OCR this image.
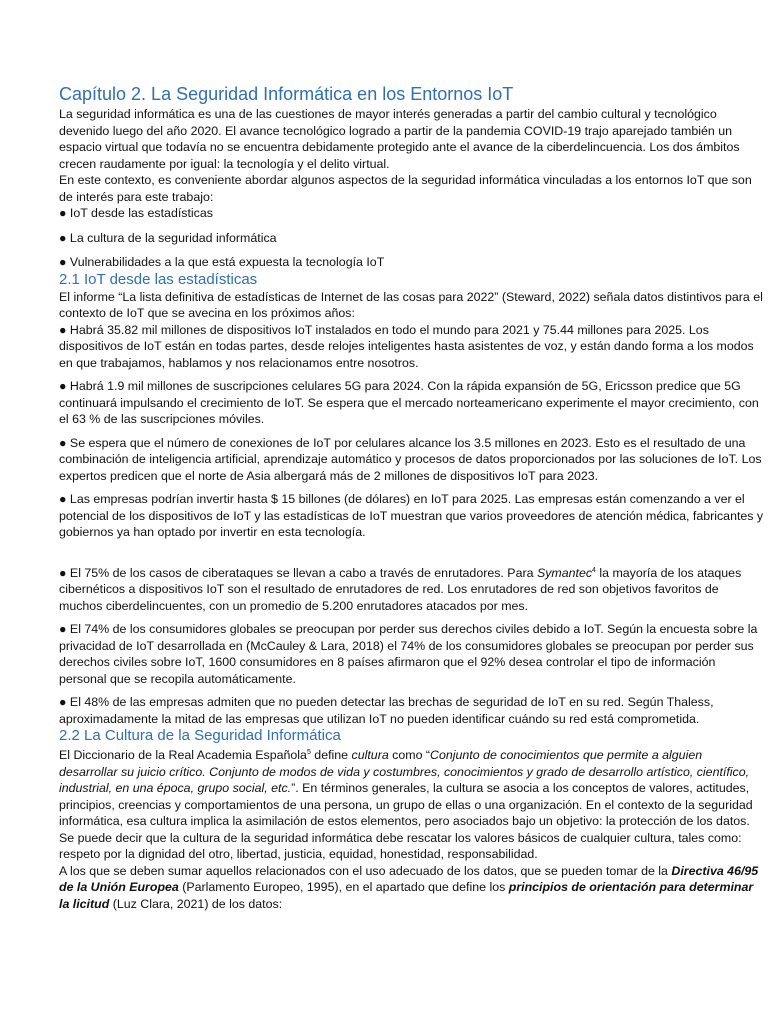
Capítulo 2. La Seguridad Informática en los Entornos IoT

La seguridad informática es una de las cuestiones de mayor interés generadas a partir del cambio cultural y tecnológico devenido luego del año 2020. El avance tecnológico logrado a partir de la pandemia COVID-19 trajo aparejado también un espacio virtual que todavía no se encuentra debidamente protegido ante el avance de la ciberdelincuencia. Los dos ámbitos crecen raudamente por igual: la tecnología y el delito virtual.

En este contexto, es conveniente abordar algunos aspectos de la seguridad informática vinculadas a los entornos IoT que son de interés para este trabajo:

● IoT desde las estadísticas

● La cultura de la seguridad informática

● Vulnerabilidades a la que está expuesta la tecnología IoT

2.1 IoT desde las estadísticas

El informe “La lista definitiva de estadísticas de Internet de las cosas para 2022” (Steward, 2022) señala datos distintivos para el contexto de IoT que se avecina en los próximos años:

● Habrá 35.82 mil millones de dispositivos IoT instalados en todo el mundo para 2021 y 75.44 millones para 2025. Los dispositivos de IoT están en todas partes, desde relojes inteligentes hasta asistentes de voz, y están dando forma a los modos en que trabajamos, hablamos y nos relacionamos entre nosotros.

● Habrá 1.9 mil millones de suscripciones celulares 5G para 2024. Con la rápida expansión de 5G, Ericsson predice que 5G continuará impulsando el crecimiento de IoT. Se espera que el mercado norteamericano experimente el mayor crecimiento, con el 63 % de las suscripciones móviles.

● Se espera que el número de conexiones de IoT por celulares alcance los 3.5 millones en 2023. Esto es el resultado de una combinación de inteligencia artificial, aprendizaje automático y procesos de datos proporcionados por las soluciones de IoT. Los expertos predicen que el norte de Asia albergará más de 2 millones de dispositivos IoT para 2023.

● Las empresas podrían invertir hasta $ 15 billones (de dólares) en IoT para 2025. Las empresas están comenzando a ver el potencial de los dispositivos de IoT y las estadísticas de IoT muestran que varios proveedores de atención médica, fabricantes y gobiernos ya han optado por invertir en esta tecnología.

● El 75% de los casos de ciberataques se llevan a cabo a través de enrutadores. Para Symantec$^4$ la mayoría de los ataques cibernéticos a dispositivos IoT son el resultado de enrutadores de red. Los enrutadores de red son objetivos favoritos de muchos ciberdelincuentes, con un promedio de 5.200 enrutadores atacados por mes.

● El 74% de los consumidores globales se preocupan por perder sus derechos civiles debido a IoT. Según la encuesta sobre la privacidad de IoT desarrollada en (McCauley & Lara, 2018) el 74% de los consumidores globales se preocupan por perder sus derechos civiles sobre IoT, 1600 consumidores en 8 países afirmaron que el 92% desea controlar el tipo de información personal que se recopila automáticamente.

● El 48% de las empresas admiten que no pueden detectar las brechas de seguridad de IoT en su red. Según Thaless, aproximadamente la mitad de las empresas que utilizan IoT no pueden identificar cuándo su red está comprometida.

2.2 La Cultura de la Seguridad Informática

El Diccionario de la Real Academia Española$^5$ define cultura como “Conjunto de conocimientos que permite a alguien desarrollar su juicio crítico. Conjunto de modos de vida y costumbres, conocimientos y grado de desarrollo artístico, científico, industrial, en una época, grupo social, etc.”. En términos generales, la cultura se asocia a los conceptos de valores, actitudes, principios, creencias y comportamientos de una persona, un grupo de ellas o una organización. En el contexto de la seguridad informática, esa cultura implica la asimilación de estos elementos, pero asociados bajo un objetivo: la protección de los datos.

Se puede decir que la cultura de la seguridad informática debe rescatar los valores básicos de cualquier cultura, tales como: respeto por la dignidad del otro, libertad, justicia, equidad, honestidad, responsabilidad.

A los que se deben sumar aquellos relacionados con el uso adecuado de los datos, que se pueden tomar de la Directiva 46/95 de la Unión Europea (Parlamento Europeo, 1995), en el apartado que define los principios de orientación para determinar la licitud (Luz Clara, 2021) de los datos:
